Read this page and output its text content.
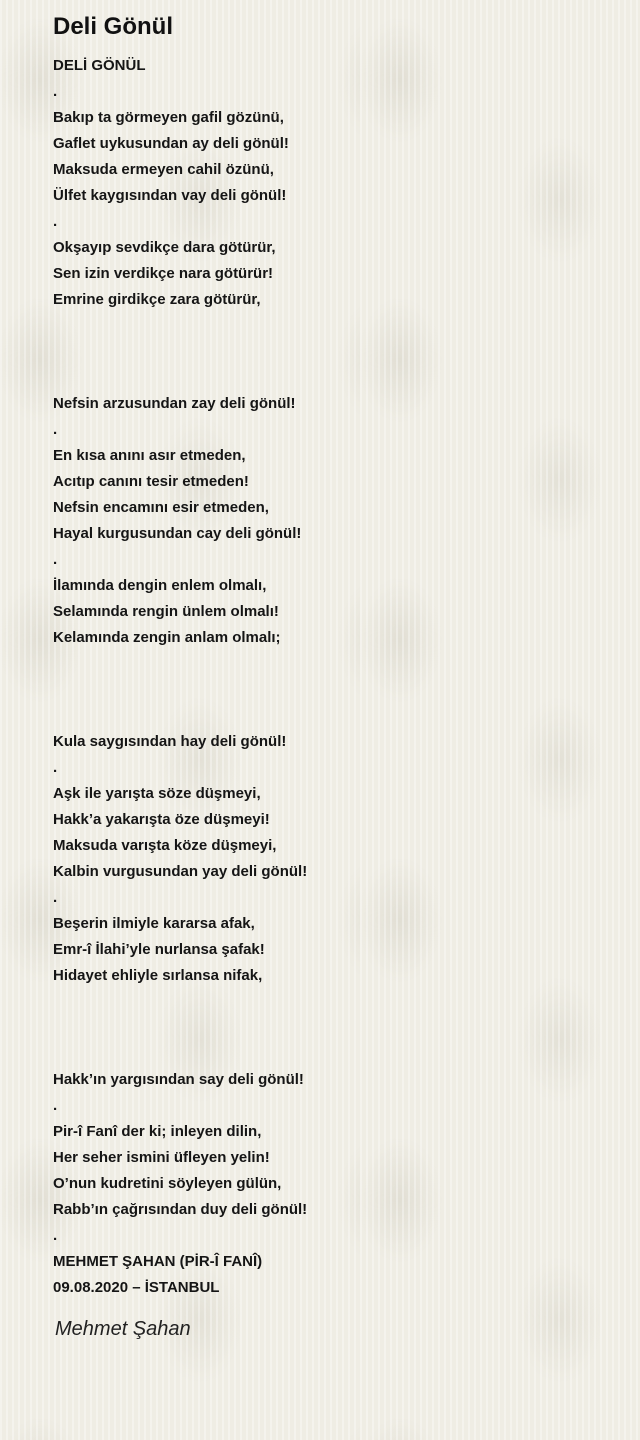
Deli Gönül
DELİ GÖNÜL
.
Bakıp ta görmeyen gafil gözünü,
Gaflet uykusundan ay deli gönül!
Maksuda ermeyen cahil özünü,
Ülfet kaygısından vay deli gönül!
.
Okşayıp sevdikçe dara götürür,
Sen izin verdikçe nara götürür!
Emrine girdikçe zara götürür,
Nefsin arzusundan zay deli gönül!
.
En kısa anını asır etmeden,
Acıtıp canını tesir etmeden!
Nefsin encamını esir etmeden,
Hayal kurgusundan cay deli gönül!
.
İlamında dengin enlem olmalı,
Selamında rengin ünlem olmalı!
Kelamında zengin anlam olmalı;
Kula saygısından hay deli gönül!
.
Aşk ile yarışta söze düşmeyi,
Hakk’a yakarışta öze düşmeyi!
Maksuda varışta köze düşmeyi,
Kalbin vurgusundan yay deli gönül!
.
Beşerin ilmiyle kararsa afak,
Emr-î İlahi’yle nurlansa şafak!
Hidayet ehliyle sırlansa nifak,
Hakk’ın yargısından say deli gönül!
.
Pir-î Fanî der ki; inleyen dilin,
Her seher ismini üfleyen yelin!
O’nun kudretini söyleyen gülün,
Rabb’ın çağrısından duy deli gönül!
.
MEHMET ŞAHAN (PİR-Î FANÎ)
09.08.2020 – İSTANBUL
Mehmet Şahan
